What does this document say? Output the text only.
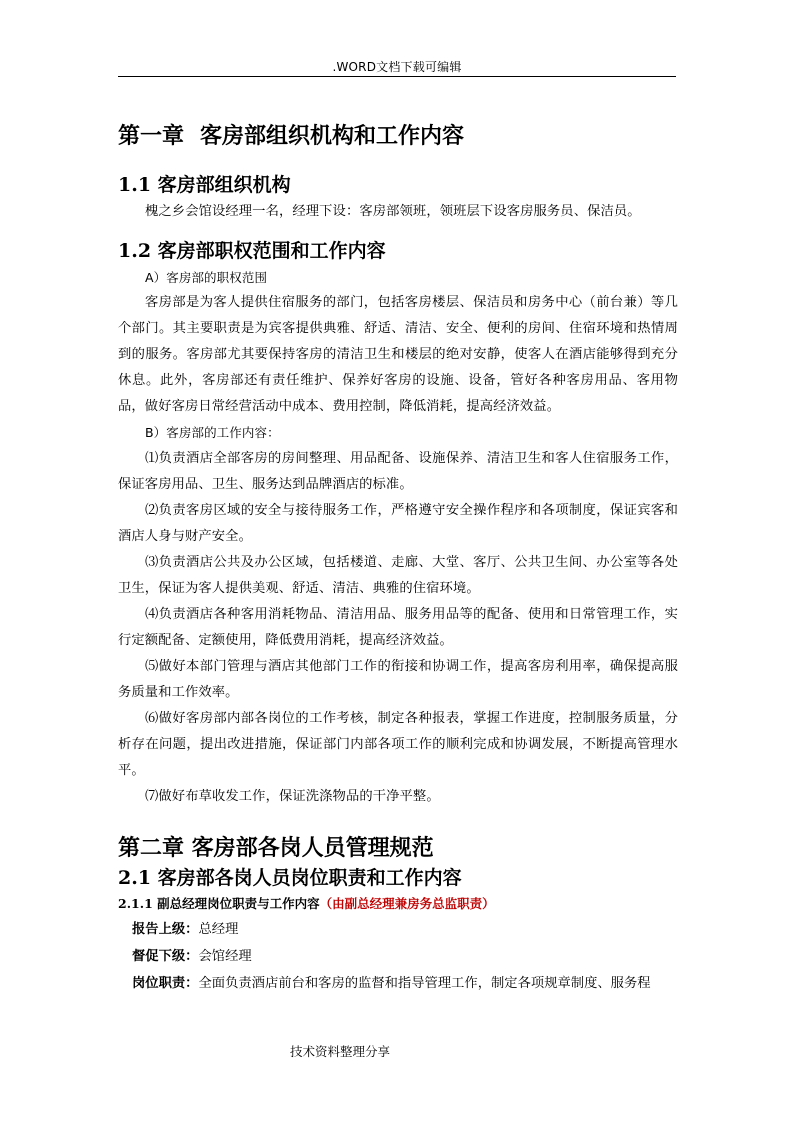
.WORD文档下载可编辑
第一章 客房部组织机构和工作内容
1.1 客房部组织机构

槐之乡会馆设经理一名，经理下设：客房部领班，领班层下设客房服务员、保洁员。

1.2 客房部职权范围和工作内容

A）客房部的职权范围

客房部是为客人提供住宿服务的部门，包括客房楼层、保洁员和房务中心（前台兼）等几个部门。其主要职责是为宾客提供典雅、舒适、清洁、安全、便利的房间、住宿环境和热情周到的服务。客房部尤其要保持客房的清洁卫生和楼层的绝对安静，使客人在酒店能够得到充分休息。此外，客房部还有责任维护、保养好客房的设施、设备，管好各种客房用品、客用物品，做好客房日常经营活动中成本、费用控制，降低消耗，提高经济效益。

B）客房部的工作内容：

⑴负责酒店全部客房的房间整理、用品配备、设施保养、清洁卫生和客人住宿服务工作，保证客房用品、卫生、服务达到品牌酒店的标准。

⑵负责客房区域的安全与接待服务工作，严格遵守安全操作程序和各项制度，保证宾客和酒店人身与财产安全。

⑶负责酒店公共及办公区域，包括楼道、走廊、大堂、客厅、公共卫生间、办公室等各处卫生，保证为客人提供美观、舒适、清洁、典雅的住宿环境。

⑷负责酒店各种客用消耗物品、清洁用品、服务用品等的配备、使用和日常管理工作，实行定额配备、定额使用，降低费用消耗，提高经济效益。

⑸做好本部门管理与酒店其他部门工作的衔接和协调工作，提高客房利用率，确保提高服务质量和工作效率。

⑹做好客房部内部各岗位的工作考核，制定各种报表，掌握工作进度，控制服务质量，分析存在问题，提出改进措施，保证部门内部各项工作的顺利完成和协调发展，不断提高管理水平。

⑺做好布草收发工作，保证洗涤物品的干净平整。

第二章 客房部各岗人员管理规范
2.1 客房部各岗人员岗位职责和工作内容

2.1.1 副总经理岗位职责与工作内容（由副总经理兼房务总监职责）

报告上级：总经理

督促下级：会馆经理

岗位职责：全面负责酒店前台和客房的监督和指导管理工作，制定各项规章制度、服务程

技术资料整理分享
